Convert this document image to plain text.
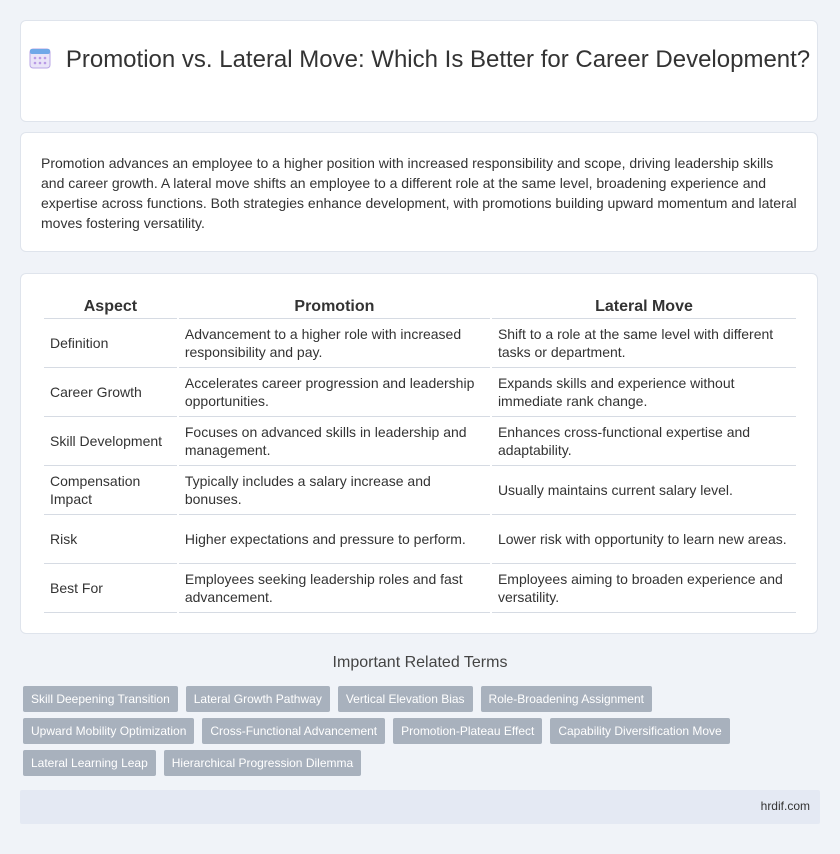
Promotion vs. Lateral Move: Which Is Better for Career Development?
Promotion advances an employee to a higher position with increased responsibility and scope, driving leadership skills and career growth. A lateral move shifts an employee to a different role at the same level, broadening experience and expertise across functions. Both strategies enhance development, with promotions building upward momentum and lateral moves fostering versatility.
Aspect	Promotion	Lateral Move
Definition	Advancement to a higher role with increased responsibility and pay.	Shift to a role at the same level with different tasks or department.
Career Growth	Accelerates career progression and leadership opportunities.	Expands skills and experience without immediate rank change.
Skill Development	Focuses on advanced skills in leadership and management.	Enhances cross-functional expertise and adaptability.
Compensation Impact	Typically includes a salary increase and bonuses.	Usually maintains current salary level.
Risk	Higher expectations and pressure to perform.	Lower risk with opportunity to learn new areas.
Best For	Employees seeking leadership roles and fast advancement.	Employees aiming to broaden experience and versatility.
Important Related Terms
Skill Deepening Transition	Lateral Growth Pathway	Vertical Elevation Bias	Role-Broadening Assignment
Upward Mobility Optimization	Cross-Functional Advancement	Promotion-Plateau Effect	Capability Diversification Move
Lateral Learning Leap	Hierarchical Progression Dilemma
hrdif.com
